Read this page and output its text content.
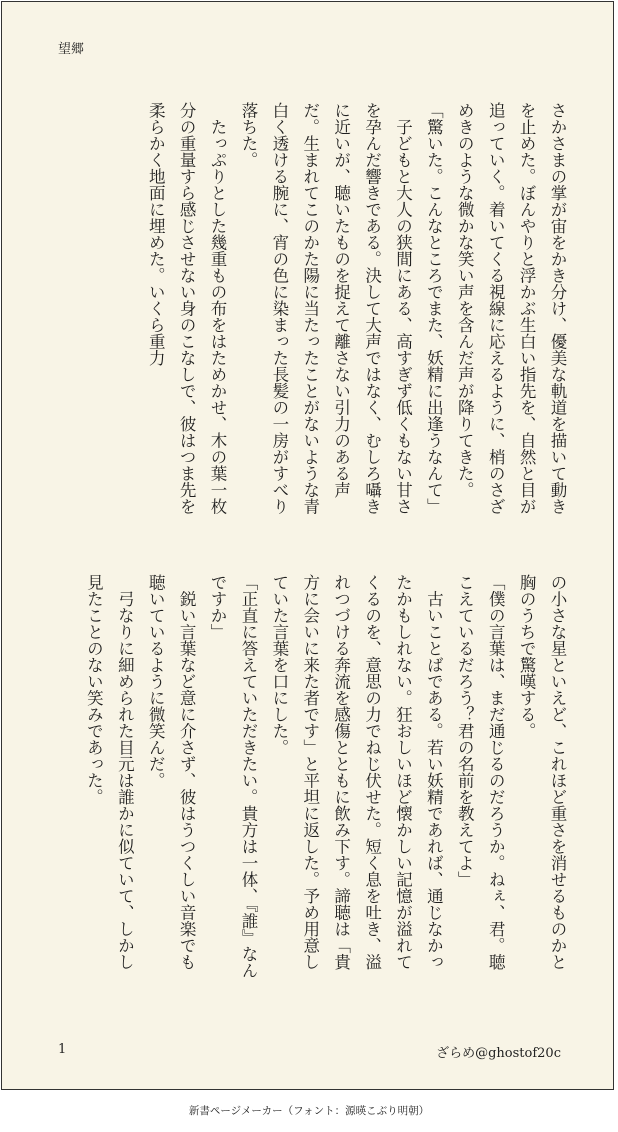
望郷

さかさまの掌が宙をかき分け、優美な軌道を描いて動きを止めた。ぼんやりと浮かぶ生白い指先を、自然と目が追っていく。着いてくる視線に応えるように、梢のさざめきのような微かな笑い声を含んだ声が降りてきた。

「驚いた。こんなところでまた、妖精に出逢うなんて」

　子どもと大人の狭間にある、高すぎず低くもない甘さを孕んだ響きである。決して大声ではなく、むしろ囁きに近いが、聴いたものを捉えて離さない引力のある声だ。生まれてこのかた陽に当たったことがないような青白く透ける腕に、宵の色に染まった長髪の一房がすべり落ちた。

　たっぷりとした幾重もの布をはためかせ、木の葉一枚分の重量すら感じさせない身のこなしで、彼はつま先を柔らかく地面に埋めた。いくら重力

の小さな星といえど、これほど重さを消せるものかと胸のうちで驚嘆する。

「僕の言葉は、まだ通じるのだろうか。ねぇ、君。聴こえているだろう？君の名前を教えてよ」

　古いことばである。若い妖精であれば、通じなかったかもしれない。狂おしいほど懐かしい記憶が溢れてくるのを、意思の力でねじ伏せた。短く息を吐き、溢れつづける奔流を感傷とともに飲み下す。諦聴は「貴方に会いに来た者です」と平坦に返した。予め用意していた言葉を口にした。

「正直に答えていただきたい。貴方は一体、『誰』なんですか」

　鋭い言葉など意に介さず、彼はうつくしい音楽でも聴いているように微笑んだ。

　弓なりに細められた目元は誰かに似ていて、しかし見たことのない笑みであった。

1	ざらめ@ghostof20c
新書ページメーカー（フォント：源暎こぶり明朝）
